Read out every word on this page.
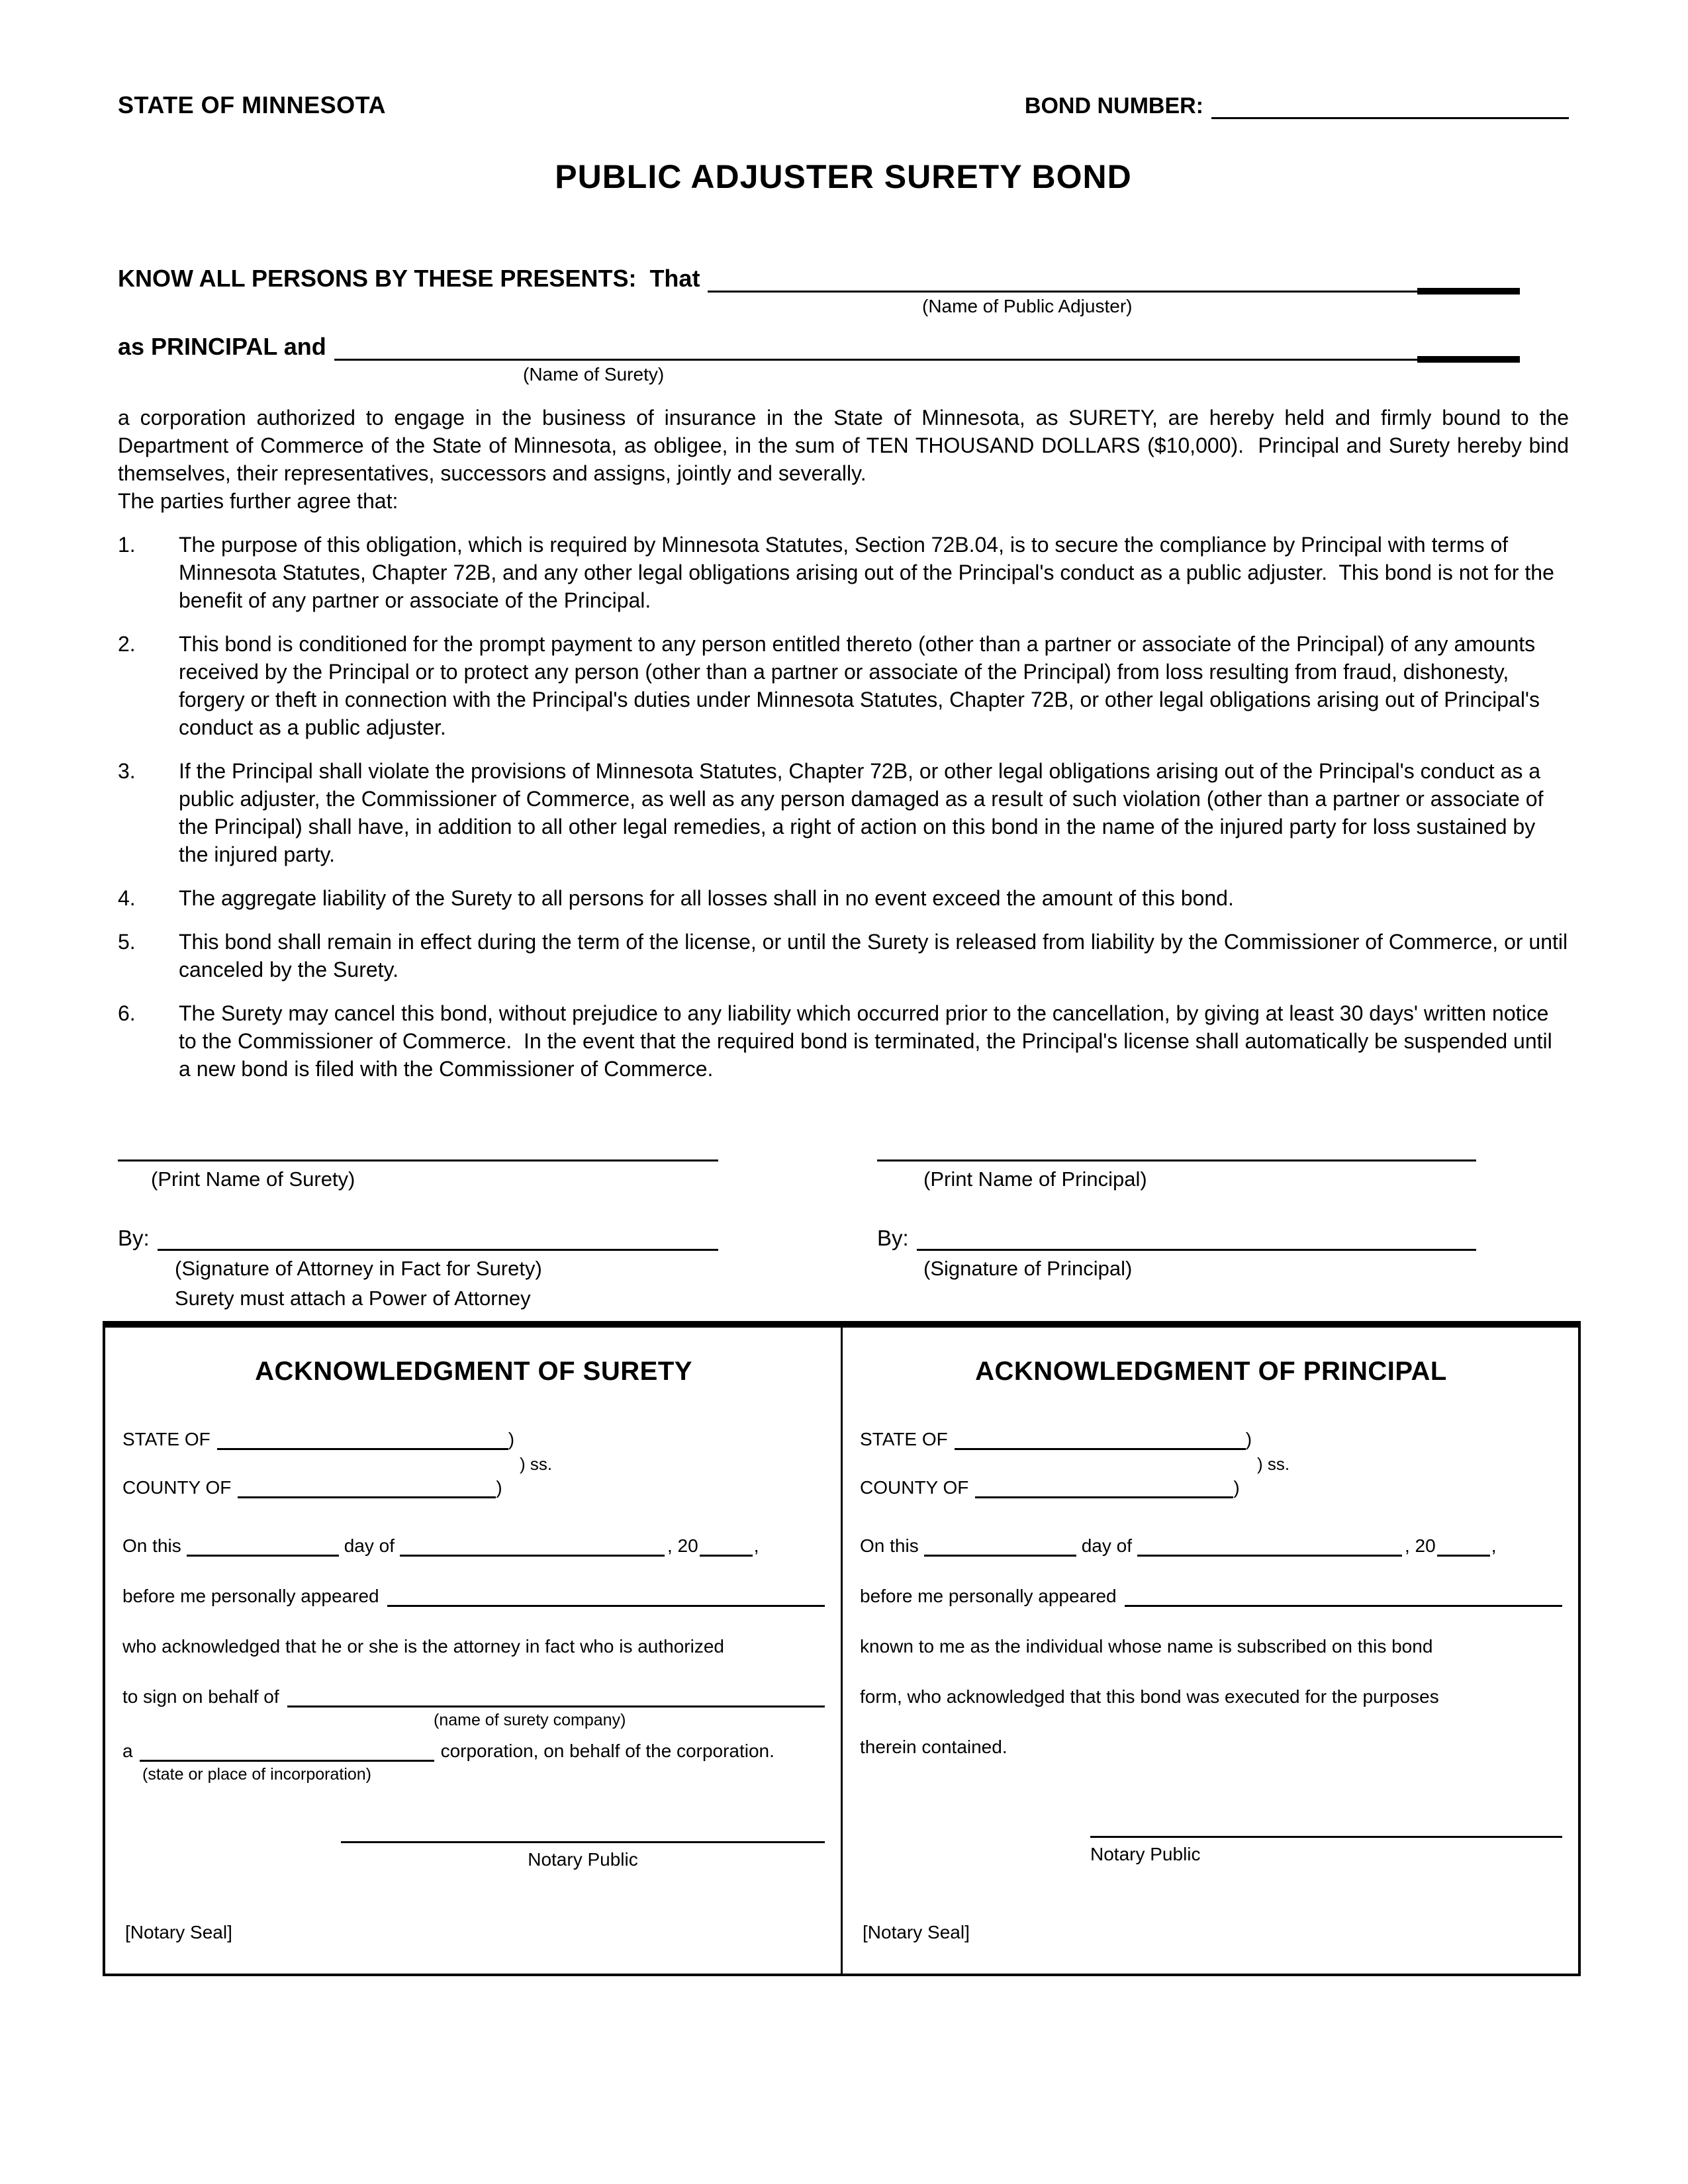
STATE OF MINNESOTA	BOND NUMBER:
PUBLIC ADJUSTER SURETY BOND
KNOW ALL PERSONS BY THESE PRESENTS:  That
(Name of Public Adjuster)
as PRINCIPAL and
(Name of Surety)

a corporation authorized to engage in the business of insurance in the State of Minnesota, as SURETY, are hereby held and firmly bound to the Department of Commerce of the State of Minnesota, as obligee, in the sum of TEN THOUSAND DOLLARS ($10,000).  Principal and Surety hereby bind themselves, their representatives, successors and assigns, jointly and severally.

The parties further agree that:

1.	The purpose of this obligation, which is required by Minnesota Statutes, Section 72B.04, is to secure the compliance by Principal with terms of Minnesota Statutes, Chapter 72B, and any other legal obligations arising out of the Principal's conduct as a public adjuster.  This bond is not for the benefit of any partner or associate of the Principal.
2.	This bond is conditioned for the prompt payment to any person entitled thereto (other than a partner or associate of the Principal) of any amounts received by the Principal or to protect any person (other than a partner or associate of the Principal) from loss resulting from fraud, dishonesty, forgery or theft in connection with the Principal's duties under Minnesota Statutes, Chapter 72B, or other legal obligations arising out of Principal's conduct as a public adjuster.
3.	If the Principal shall violate the provisions of Minnesota Statutes, Chapter 72B, or other legal obligations arising out of the Principal's conduct as a public adjuster, the Commissioner of Commerce, as well as any person damaged as a result of such violation (other than a partner or associate of the Principal) shall have, in addition to all other legal remedies, a right of action on this bond in the name of the injured party for loss sustained by the injured party.
4.	The aggregate liability of the Surety to all persons for all losses shall in no event exceed the amount of this bond.
5.	This bond shall remain in effect during the term of the license, or until the Surety is released from liability by the Commissioner of Commerce, or until canceled by the Surety.
6.	The Surety may cancel this bond, without prejudice to any liability which occurred prior to the cancellation, by giving at least 30 days' written notice to the Commissioner of Commerce.  In the event that the required bond is terminated, the Principal's license shall automatically be suspended until a new bond is filed with the Commissioner of Commerce.
(Print Name of Surety)	(Print Name of Principal)
By:
(Signature of Attorney in Fact for Surety)
Surety must attach a Power of Attorney
By:
(Signature of Principal)
ACKNOWLEDGMENT OF SURETY
STATE OF	)
) ss.
COUNTY OF	)
On this	day of	, 20	,
before me personally appeared
who acknowledged that he or she is the attorney in fact who is authorized
to sign on behalf of
(name of surety company)
a	corporation, on behalf of the corporation.
(state or place of incorporation)
Notary Public
[Notary Seal]
ACKNOWLEDGMENT OF PRINCIPAL
STATE OF	)
) ss.
COUNTY OF	)
On this	day of	, 20	,
before me personally appeared
known to me as the individual whose name is subscribed on this bond
form, who acknowledged that this bond was executed for the purposes
therein contained.
Notary Public
[Notary Seal]
